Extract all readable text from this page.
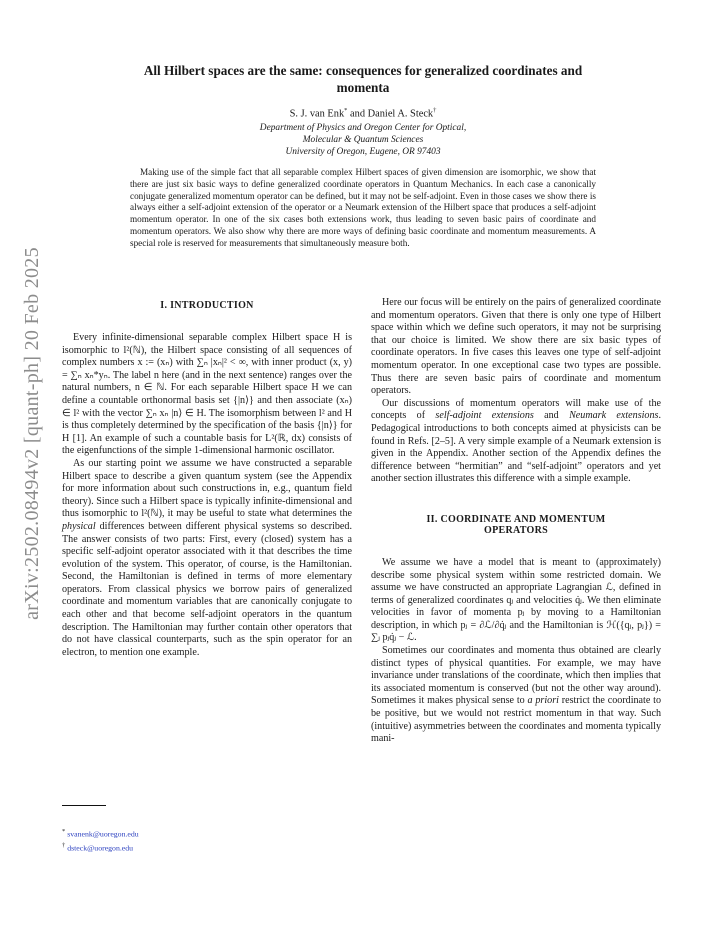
arXiv:2502.08494v2 [quant-ph] 20 Feb 2025
All Hilbert spaces are the same: consequences for generalized coordinates and
momenta
S. J. van Enk* and Daniel A. Steck†
Department of Physics and Oregon Center for Optical,
Molecular & Quantum Sciences
University of Oregon, Eugene, OR 97403

Making use of the simple fact that all separable complex Hilbert spaces of given dimension are isomorphic, we show that there are just six basic ways to define generalized coordinate operators in Quantum Mechanics. In each case a canonically conjugate generalized momentum operator can be defined, but it may not be self-adjoint. Even in those cases we show there is always either a self-adjoint extension of the operator or a Neumark extension of the Hilbert space that produces a self-adjoint momentum operator. In one of the six cases both extensions work, thus leading to seven basic pairs of coordinate and momentum operators. We also show why there are more ways of defining basic coordinate and momentum measurements. A special role is reserved for measurements that simultaneously measure both.

I. INTRODUCTION

Every infinite-dimensional separable complex Hilbert space H is isomorphic to l²(ℕ), the Hilbert space consisting of all sequences of complex numbers x := (xₙ) with ∑ₙ |xₙ|² < ∞, with inner product (x, y) = ∑ₙ xₙ*yₙ. The label n here (and in the next sentence) ranges over the natural numbers, n ∈ ℕ. For each separable Hilbert space H we can define a countable orthonormal basis set {|n⟩} and then associate (xₙ) ∈ l² with the vector ∑ₙ xₙ |n⟩ ∈ H. The isomorphism between l² and H is thus completely determined by the specification of the basis {|n⟩} for H [1]. An example of such a countable basis for L²(ℝ, dx) consists of the eigenfunctions of the simple 1-dimensional harmonic oscillator.

As our starting point we assume we have constructed a separable Hilbert space to describe a given quantum system (see the Appendix for more information about such constructions in, e.g., quantum field theory). Since such a Hilbert space is typically infinite-dimensional and thus isomorphic to l²(ℕ), it may be useful to state what determines the physical differences between different physical systems so described. The answer consists of two parts: First, every (closed) system has a specific self-adjoint operator associated with it that describes the time evolution of the system. This operator, of course, is the Hamiltonian. Second, the Hamiltonian is defined in terms of more elementary operators. From classical physics we borrow pairs of generalized coordinate and momentum variables that are canonically conjugate to each other and that become self-adjoint operators in the quantum description. The Hamiltonian may further contain other operators that do not have classical counterparts, such as the spin operator for an electron, to mention one example.

Here our focus will be entirely on the pairs of generalized coordinate and momentum operators. Given that there is only one type of Hilbert space within which we define such operators, it may not be surprising that our choice is limited. We show there are six basic types of coordinate operators. In five cases this leaves one type of self-adjoint momentum operator. In one exceptional case two types are possible. Thus there are seven basic pairs of coordinate and momentum operators.

Our discussions of momentum operators will make use of the concepts of self-adjoint extensions and Neumark extensions. Pedagogical introductions to both concepts aimed at physicists can be found in Refs. [2–5]. A very simple example of a Neumark extension is given in the Appendix. Another section of the Appendix defines the difference between “hermitian” and “self-adjoint” operators and yet another section illustrates this difference with a simple example.

II. COORDINATE AND MOMENTUM
OPERATORS

We assume we have a model that is meant to (approximately) describe some physical system within some restricted domain. We assume we have constructed an appropriate Lagrangian ℒ, defined in terms of generalized coordinates qⱼ and velocities q̇ⱼ. We then eliminate velocities in favor of momenta pⱼ by moving to a Hamiltonian description, in which pⱼ = ∂ℒ/∂q̇ⱼ and the Hamiltonian is ℋ({qⱼ, pⱼ}) = ∑ⱼ pⱼq̇ⱼ − ℒ.

Sometimes our coordinates and momenta thus obtained are clearly distinct types of physical quantities. For example, we may have invariance under translations of the coordinate, which then implies that its associated momentum is conserved (but not the other way around). Sometimes it makes physical sense to a priori restrict the coordinate to be positive, but we would not restrict momentum in that way. Such (intuitive) asymmetries between the coordinates and momenta typically mani-

* svanenk@uoregon.edu
† dsteck@uoregon.edu
